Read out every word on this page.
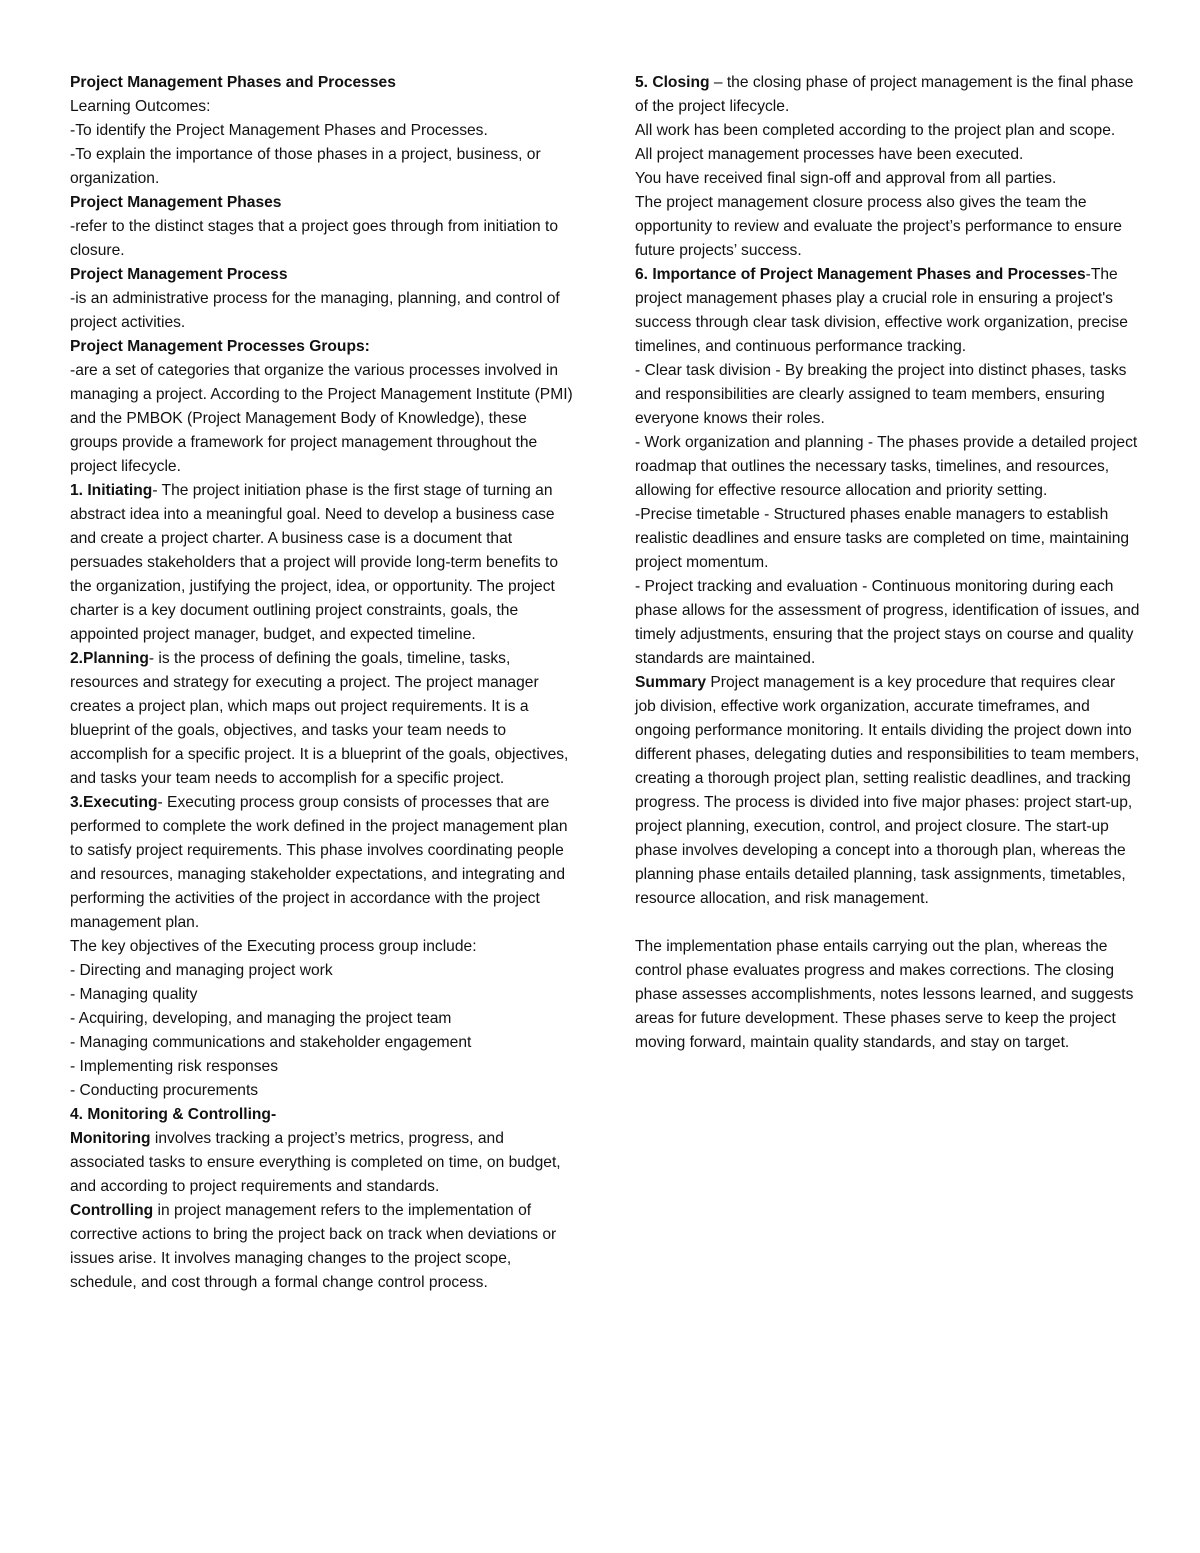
Project Management Phases and Processes

Learning Outcomes:

-To identify the Project Management Phases and Processes.

-To explain the importance of those phases in a project, business, or organization.

Project Management Phases

-refer to the distinct stages that a project goes through from initiation to closure.

Project Management Process

-is an administrative process for the managing, planning, and control of project activities.

Project Management Processes Groups:

-are a set of categories that organize the various processes involved in managing a project. According to the Project Management Institute (PMI) and the PMBOK (Project Management Body of Knowledge), these groups provide a framework for project management throughout the project lifecycle.

1. Initiating- The project initiation phase is the first stage of turning an abstract idea into a meaningful goal. Need to develop a business case and create a project charter. A business case is a document that persuades stakeholders that a project will provide long-term benefits to the organization, justifying the project, idea, or opportunity. The project charter is a key document outlining project constraints, goals, the appointed project manager, budget, and expected timeline.

2.Planning- is the process of defining the goals, timeline, tasks, resources and strategy for executing a project. The project manager creates a project plan, which maps out project requirements. It is a blueprint of the goals, objectives, and tasks your team needs to accomplish for a specific project. It is a blueprint of the goals, objectives, and tasks your team needs to accomplish for a specific project.

3.Executing- Executing process group consists of processes that are performed to complete the work defined in the project management plan to satisfy project requirements. This phase involves coordinating people and resources, managing stakeholder expectations, and integrating and performing the activities of the project in accordance with the project management plan.

The key objectives of the Executing process group include:

- Directing and managing project work

- Managing quality

- Acquiring, developing, and managing the project team

- Managing communications and stakeholder engagement

- Implementing risk responses

- Conducting procurements

4. Monitoring & Controlling-

Monitoring involves tracking a project’s metrics, progress, and associated tasks to ensure everything is completed on time, on budget, and according to project requirements and standards.

Controlling in project management refers to the implementation of corrective actions to bring the project back on track when deviations or issues arise. It involves managing changes to the project scope, schedule, and cost through a formal change control process.

5. Closing – the closing phase of project management is the final phase of the project lifecycle.

All work has been completed according to the project plan and scope.

All project management processes have been executed.

You have received final sign-off and approval from all parties.

The project management closure process also gives the team the opportunity to review and evaluate the project’s performance to ensure future projects’ success.

6. Importance of Project Management Phases and Processes-The project management phases play a crucial role in ensuring a project's success through clear task division, effective work organization, precise timelines, and continuous performance tracking.

- Clear task division - By breaking the project into distinct phases, tasks and responsibilities are clearly assigned to team members, ensuring everyone knows their roles.

- Work organization and planning - The phases provide a detailed project roadmap that outlines the necessary tasks, timelines, and resources, allowing for effective resource allocation and priority setting.

-Precise timetable - Structured phases enable managers to establish realistic deadlines and ensure tasks are completed on time, maintaining project momentum.

- Project tracking and evaluation - Continuous monitoring during each phase allows for the assessment of progress, identification of issues, and timely adjustments, ensuring that the project stays on course and quality standards are maintained.

Summary Project management is a key procedure that requires clear job division, effective work organization, accurate timeframes, and ongoing performance monitoring. It entails dividing the project down into different phases, delegating duties and responsibilities to team members, creating a thorough project plan, setting realistic deadlines, and tracking progress. The process is divided into five major phases: project start-up, project planning, execution, control, and project closure. The start-up phase involves developing a concept into a thorough plan, whereas the planning phase entails detailed planning, task assignments, timetables, resource allocation, and risk management.

The implementation phase entails carrying out the plan, whereas the control phase evaluates progress and makes corrections. The closing phase assesses accomplishments, notes lessons learned, and suggests areas for future development. These phases serve to keep the project moving forward, maintain quality standards, and stay on target.
